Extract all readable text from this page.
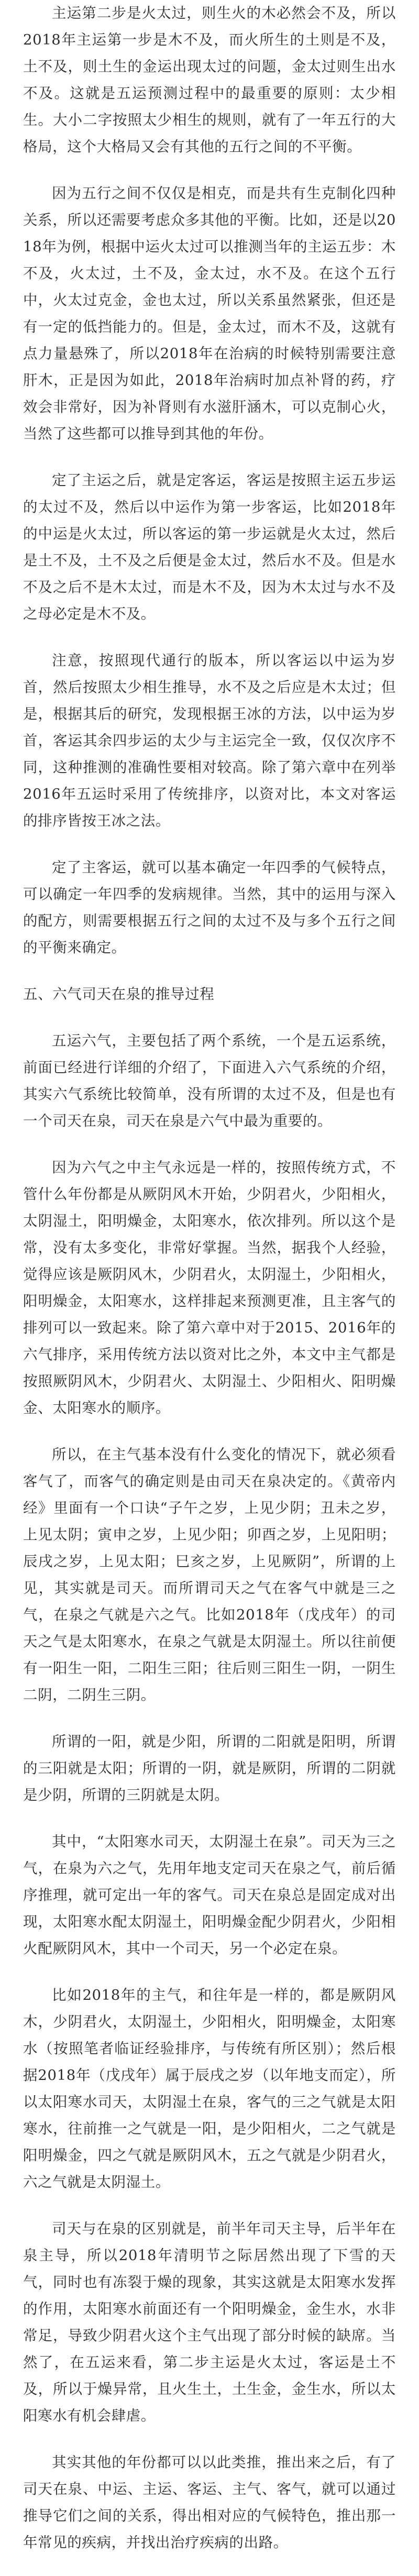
主运第二步是火太过，则生火的木必然会不及，所以2018年主运第一步是木不及，而火所生的土则是不及，土不及，则土生的金运出现太过的问题，金太过则生出水不及。这就是五运预测过程中的最重要的原则：太少相生。大小二字按照太少相生的规则，就有了一年五行的大格局，这个大格局又会有其他的五行之间的不平衡。

因为五行之间不仅仅是相克，而是共有生克制化四种关系，所以还需要考虑众多其他的平衡。比如，还是以2018年为例，根据中运火太过可以推测当年的主运五步：木不及，火太过，土不及，金太过，水不及。在这个五行中，火太过克金，金也太过，所以关系虽然紧张，但还是有一定的低挡能力的。但是，金太过，而木不及，这就有点力量悬殊了，所以2018年在治病的时候特别需要注意肝木，正是因为如此，2018年治病时加点补肾的药，疗效会非常好，因为补肾则有水滋肝涵木，可以克制心火，当然了这些都可以推导到其他的年份。

定了主运之后，就是定客运，客运是按照主运五步运的太过不及，然后以中运作为第一步客运，比如2018年的中运是火太过，所以客运的第一步运就是火太过，然后是土不及，土不及之后便是金太过，然后水不及。但是水不及之后不是木太过，而是木不及，因为木太过与水不及之母必定是木不及。

注意，按照现代通行的版本，所以客运以中运为岁首，然后按照太少相生推导，水不及之后应是木太过；但是，根据其后的研究，发现根据王冰的方法，以中运为岁首，客运其余四步运的太少与主运完全一致，仅仅次序不同，这种推测的准确性要相对较高。除了第六章中在列举2016年五运时采用了传统排序，以资对比，本文对客运的排序皆按王冰之法。

定了主客运，就可以基本确定一年四季的气候特点，可以确定一年四季的发病规律。当然，其中的运用与深入的配方，则需要根据五行之间的太过不及与多个五行之间的平衡来确定。

五、六气司天在泉的推导过程

五运六气，主要包括了两个系统，一个是五运系统，前面已经进行详细的介绍了，下面进入六气系统的介绍，其实六气系统比较简单，没有所谓的太过不及，但是也有一个司天在泉，司天在泉是六气中最为重要的。

因为六气之中主气永远是一样的，按照传统方式，不管什么年份都是从厥阴风木开始，少阴君火，少阳相火，太阴湿土，阳明燥金，太阳寒水，依次排列。所以这个是常，没有太多变化，非常好掌握。当然，据我个人经验，觉得应该是厥阴风木，少阴君火，太阴湿土，少阳相火，阳明燥金，太阳寒水，这样排起来预测更准，且主客气的排列可以一致起来。除了第六章中对于2015、2016年的六气排序，采用传统方法以资对比之外，本文中主气都是按照厥阴风木，少阴君火、太阴湿土、少阳相火、阳明燥金、太阳寒水的顺序。

所以，在主气基本没有什么变化的情况下，就必须看客气了，而客气的确定则是由司天在泉决定的。《黄帝内经》里面有一个口诀“子午之岁，上见少阴；丑未之岁，上见太阴；寅申之岁，上见少阳；卯酉之岁，上见阳明；辰戌之岁，上见太阳；巳亥之岁，上见厥阴”，所谓的上见，其实就是司天。而所谓司天之气在客气中就是三之气，在泉之气就是六之气。比如2018年（戊戌年）的司天之气是太阳寒水，在泉之气就是太阴湿土。所以往前便有一阳生一阳，二阳生三阳；往后则三阳生一阴，一阴生二阴，二阴生三阴。

所谓的一阳，就是少阳，所谓的二阳就是阳明，所谓的三阳就是太阳；所谓的一阴，就是厥阴，所谓的二阴就是少阴，所谓的三阴就是太阴。

其中，“太阳寒水司天，太阴湿土在泉”。司天为三之气，在泉为六之气，先用年地支定司天在泉之气，前后循序推理，就可定出一年的客气。司天在泉总是固定成对出现，太阳寒水配太阴湿土，阳明燥金配少阴君火，少阳相火配厥阴风木，其中一个司天，另一个必定在泉。

比如2018年的主气，和往年是一样的，都是厥阴风木，少阴君火，太阴湿土，少阳相火，阳明燥金，太阳寒水（按照笔者临证经验排序，与传统有所区别）；然后根据2018年（戊戌年）属于辰戌之岁（以年地支而定），所以太阳寒水司天，太阴湿土在泉，客气的三之气就是太阳寒水，往前推一之气就是一阳，是少阳相火，二之气就是阳明燥金，四之气就是厥阴风木，五之气就是少阴君火，六之气就是太阴湿土。

司天与在泉的区别就是，前半年司天主导，后半年在泉主导，所以2018年清明节之际居然出现了下雪的天气，同时也有冻裂于燥的现象，其实这就是太阳寒水发挥的作用，太阳寒水前面还有一个阳明燥金，金生水，水非常足，导致少阴君火这个主气出现了部分时候的缺席。当然了，在五运来看，第二步主运是火太过，客运是土不及，所以于燥异常，且火生土，土生金，金生水，所以太阳寒水有机会肆虐。

其实其他的年份都可以以此类推，推出来之后，有了司天在泉、中运、主运、客运、主气、客气，就可以通过推导它们之间的关系，得出相对应的气候特色，推出那一年常见的疾病，并找出治疗疾病的出路。
